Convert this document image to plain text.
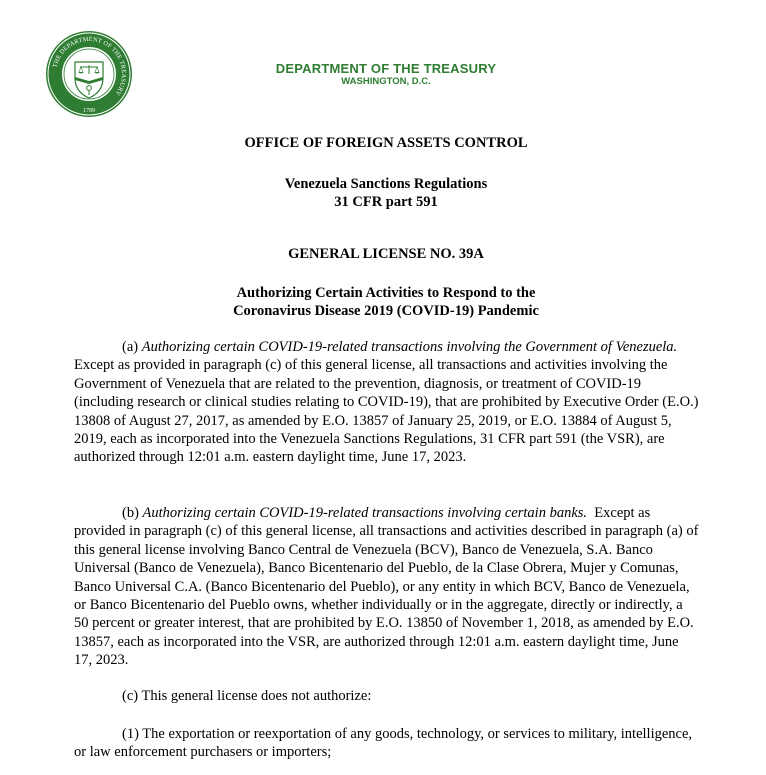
THE DEPARTMENT OF THE TREASURY
1789
DEPARTMENT OF THE TREASURY
WASHINGTON, D.C.
OFFICE OF FOREIGN ASSETS CONTROL
Venezuela Sanctions Regulations
31 CFR part 591
GENERAL LICENSE NO. 39A
Authorizing Certain Activities to Respond to the
Coronavirus Disease 2019 (COVID-19) Pandemic
(a) Authorizing certain COVID-19-related transactions involving the Government of Venezuela.  Except as provided in paragraph (c) of this general license, all transactions and activities involving the Government of Venezuela that are related to the prevention, diagnosis, or treatment of COVID-19 (including research or clinical studies relating to COVID-19), that are prohibited by Executive Order (E.O.) 13808 of August 27, 2017, as amended by E.O. 13857 of January 25, 2019, or E.O. 13884 of August 5, 2019, each as incorporated into the Venezuela Sanctions Regulations, 31 CFR part 591 (the VSR), are authorized through 12:01 a.m. eastern daylight time, June 17, 2023.
(b) Authorizing certain COVID-19-related transactions involving certain banks. Except as provided in paragraph (c) of this general license, all transactions and activities described in paragraph (a) of this general license involving Banco Central de Venezuela (BCV), Banco de Venezuela, S.A. Banco Universal (Banco de Venezuela), Banco Bicentenario del Pueblo, de la Clase Obrera, Mujer y Comunas, Banco Universal C.A. (Banco Bicentenario del Pueblo), or any entity in which BCV, Banco de Venezuela, or Banco Bicentenario del Pueblo owns, whether individually or in the aggregate, directly or indirectly, a 50 percent or greater interest, that are prohibited by E.O. 13850 of November 1, 2018, as amended by E.O. 13857, each as incorporated into the VSR, are authorized through 12:01 a.m. eastern daylight time, June 17, 2023.
(c) This general license does not authorize:
(1) The exportation or reexportation of any goods, technology, or services to military, intelligence, or law enforcement purchasers or importers;
